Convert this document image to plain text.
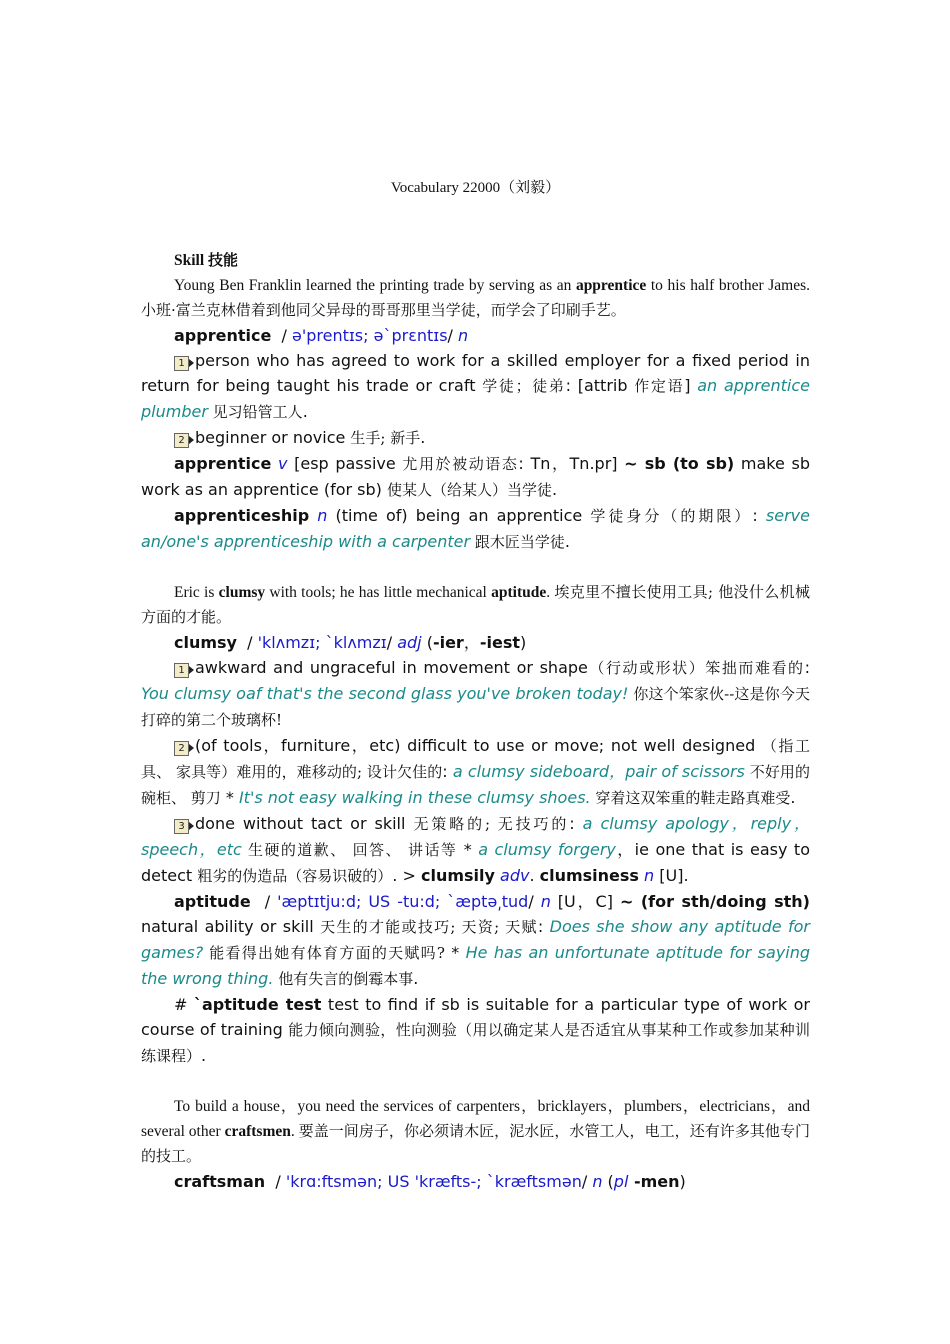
Vocabulary 22000（刘毅）

Skill 技能

Young Ben Franklin learned the printing trade by serving as an apprentice to his half brother James.小班·富兰克林借着到他同父异母的哥哥那里当学徒，而学会了印刷手艺。

apprentice / ə'prentɪs; ə`prɛntɪs/ n

1 person who has agreed to work for a skilled employer for a fixed period in return for being taught his trade or craft 学徒；徒弟: [attrib 作定语] an apprentice plumber 见习铅管工人.

2 beginner or novice 生手; 新手.

apprentice v [esp passive 尤用於被动语态: Tn，Tn.pr] ~ sb (to sb) make sb work as an apprentice (for sb) 使某人（给某人）当学徒.

apprenticeship n (time of) being an apprentice 学徒身分（的期限）: serve an/one's apprenticeship with a carpenter 跟木匠当学徒.

Eric is clumsy with tools; he has little mechanical aptitude. 埃克里不擅长使用工具; 他没什么机械方面的才能。

clumsy / 'klʌmzɪ; `klʌmzɪ/ adj (-ier，-iest)

1 awkward and ungraceful in movement or shape（行动或形状）笨拙而难看的: You clumsy oaf that's the second glass you've broken today! 你这个笨家伙--这是你今天打碎的第二个玻璃杯!

2 (of tools，furniture，etc) difficult to use or move; not well designed （指工具、 家具等）难用的，难移动的; 设计欠佳的: a clumsy sideboard，pair of scissors 不好用的碗柜、 剪刀 * It's not easy walking in these clumsy shoes. 穿着这双笨重的鞋走路真难受.

3 done without tact or skill 无策略的; 无技巧的: a clumsy apology，reply，speech，etc 生硬的道歉、 回答、 讲话等 * a clumsy forgery，ie one that is easy to detect 粗劣的伪造品（容易识破的）. > clumsily adv. clumsiness n [U].

aptitude / 'æptɪtju:d; US -tu:d; `æptə͵tud/ n [U，C] ~ (for sth/doing sth) natural ability or skill 天生的才能或技巧; 天资; 天赋: Does she show any aptitude for games? 能看得出她有体育方面的天赋吗? * He has an unfortunate aptitude for saying the wrong thing. 他有失言的倒霉本事.

# `aptitude test test to find if sb is suitable for a particular type of work or course of training 能力倾向测验，性向测验（用以确定某人是否适宜从事某种工作或参加某种训练课程）.

To build a house，you need the services of carpenters，bricklayers，plumbers，electricians，and several other craftsmen. 要盖一间房子，你必须请木匠，泥水匠，水管工人，电工，还有许多其他专门的技工。

craftsman / 'krɑ:ftsmən; US 'kræfts-; `kræftsmən/ n (pl -men)
